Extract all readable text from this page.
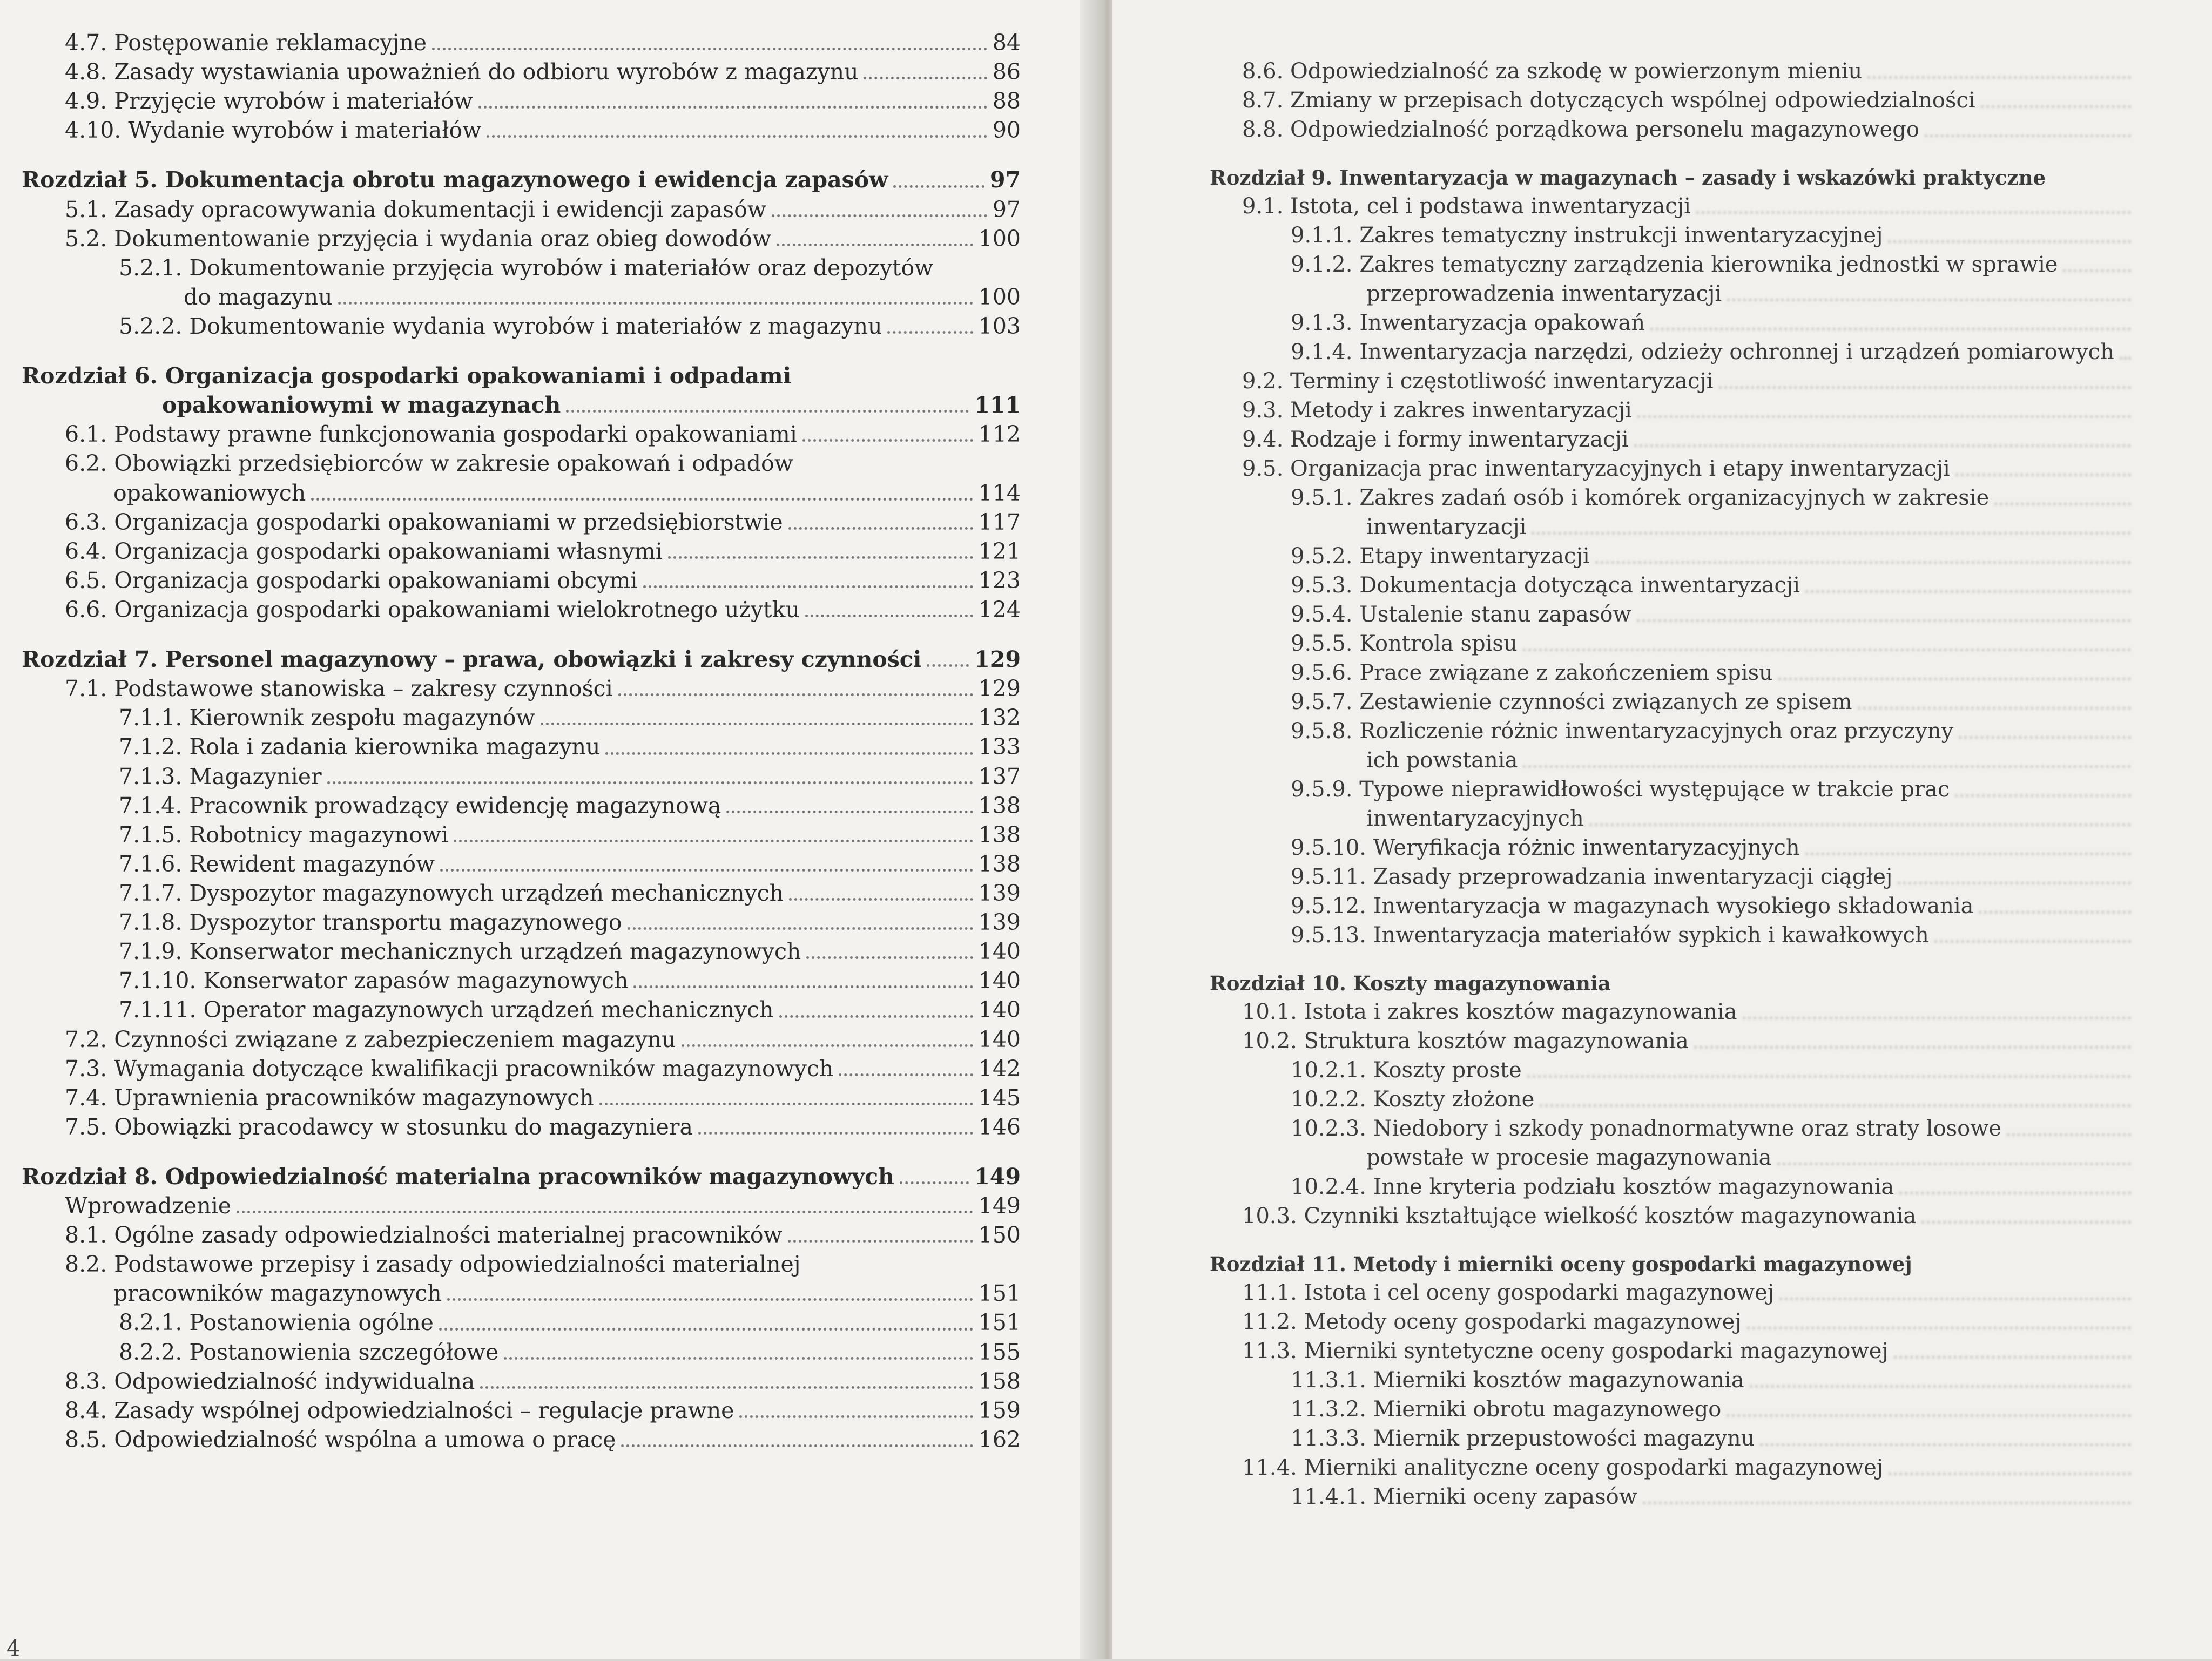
4.7. Postępowanie reklamacyjne	84
4.8. Zasady wystawiania upoważnień do odbioru wyrobów z magazynu	86
4.9. Przyjęcie wyrobów i materiałów	88
4.10. Wydanie wyrobów i materiałów	90
Rozdział 5. Dokumentacja obrotu magazynowego i ewidencja zapasów	97
5.1. Zasady opracowywania dokumentacji i ewidencji zapasów	97
5.2. Dokumentowanie przyjęcia i wydania oraz obieg dowodów	100
5.2.1. Dokumentowanie przyjęcia wyrobów i materiałów oraz depozytów
do magazynu	100
5.2.2. Dokumentowanie wydania wyrobów i materiałów z magazynu	103
Rozdział 6. Organizacja gospodarki opakowaniami i odpadami
opakowaniowymi w magazynach	111
6.1. Podstawy prawne funkcjonowania gospodarki opakowaniami	112
6.2. Obowiązki przedsiębiorców w zakresie opakowań i odpadów
opakowaniowych	114
6.3. Organizacja gospodarki opakowaniami w przedsiębiorstwie	117
6.4. Organizacja gospodarki opakowaniami własnymi	121
6.5. Organizacja gospodarki opakowaniami obcymi	123
6.6. Organizacja gospodarki opakowaniami wielokrotnego użytku	124
Rozdział 7. Personel magazynowy – prawa, obowiązki i zakresy czynności 129
7.1. Podstawowe stanowiska – zakresy czynności	129
7.1.1. Kierownik zespołu magazynów	132
7.1.2. Rola i zadania kierownika magazynu	133
7.1.3. Magazynier	137
7.1.4. Pracownik prowadzący ewidencję magazynową	138
7.1.5. Robotnicy magazynowi	138
7.1.6. Rewident magazynów	138
7.1.7. Dyspozytor magazynowych urządzeń mechanicznych	139
7.1.8. Dyspozytor transportu magazynowego	139
7.1.9. Konserwator mechanicznych urządzeń magazynowych	140
7.1.10. Konserwator zapasów magazynowych	140
7.1.11. Operator magazynowych urządzeń mechanicznych	140
7.2. Czynności związane z zabezpieczeniem magazynu	140
7.3. Wymagania dotyczące kwalifikacji pracowników magazynowych	142
7.4. Uprawnienia pracowników magazynowych	145
7.5. Obowiązki pracodawcy w stosunku do magazyniera	146
Rozdział 8. Odpowiedzialność materialna pracowników magazynowych	149
Wprowadzenie	149
8.1. Ogólne zasady odpowiedzialności materialnej pracowników	150
8.2. Podstawowe przepisy i zasady odpowiedzialności materialnej
pracowników magazynowych	151
8.2.1. Postanowienia ogólne	151
8.2.2. Postanowienia szczegółowe	155
8.3. Odpowiedzialność indywidualna	158
8.4. Zasady wspólnej odpowiedzialności – regulacje prawne	159
8.5. Odpowiedzialność wspólna a umowa o pracę	162
4
8.6. Odpowiedzialność za szkodę w powierzonym mieniu
8.7. Zmiany w przepisach dotyczących wspólnej odpowiedzialności
8.8. Odpowiedzialność porządkowa personelu magazynowego
Rozdział 9. Inwentaryzacja w magazynach – zasady i wskazówki praktyczne
9.1. Istota, cel i podstawa inwentaryzacji
9.1.1. Zakres tematyczny instrukcji inwentaryzacyjnej
9.1.2. Zakres tematyczny zarządzenia kierownika jednostki w sprawie
przeprowadzenia inwentaryzacji
9.1.3. Inwentaryzacja opakowań
9.1.4. Inwentaryzacja narzędzi, odzieży ochronnej i urządzeń pomiarowych
9.2. Terminy i częstotliwość inwentaryzacji
9.3. Metody i zakres inwentaryzacji
9.4. Rodzaje i formy inwentaryzacji
9.5. Organizacja prac inwentaryzacyjnych i etapy inwentaryzacji
9.5.1. Zakres zadań osób i komórek organizacyjnych w zakresie
inwentaryzacji
9.5.2. Etapy inwentaryzacji
9.5.3. Dokumentacja dotycząca inwentaryzacji
9.5.4. Ustalenie stanu zapasów
9.5.5. Kontrola spisu
9.5.6. Prace związane z zakończeniem spisu
9.5.7. Zestawienie czynności związanych ze spisem
9.5.8. Rozliczenie różnic inwentaryzacyjnych oraz przyczyny
ich powstania
9.5.9. Typowe nieprawidłowości występujące w trakcie prac
inwentaryzacyjnych
9.5.10. Weryfikacja różnic inwentaryzacyjnych
9.5.11. Zasady przeprowadzania inwentaryzacji ciągłej
9.5.12. Inwentaryzacja w magazynach wysokiego składowania
9.5.13. Inwentaryzacja materiałów sypkich i kawałkowych
Rozdział 10. Koszty magazynowania
10.1. Istota i zakres kosztów magazynowania
10.2. Struktura kosztów magazynowania
10.2.1. Koszty proste
10.2.2. Koszty złożone
10.2.3. Niedobory i szkody ponadnormatywne oraz straty losowe
powstałe w procesie magazynowania
10.2.4. Inne kryteria podziału kosztów magazynowania
10.3. Czynniki kształtujące wielkość kosztów magazynowania
Rozdział 11. Metody i mierniki oceny gospodarki magazynowej
11.1. Istota i cel oceny gospodarki magazynowej
11.2. Metody oceny gospodarki magazynowej
11.3. Mierniki syntetyczne oceny gospodarki magazynowej
11.3.1. Mierniki kosztów magazynowania
11.3.2. Mierniki obrotu magazynowego
11.3.3. Miernik przepustowości magazynu
11.4. Mierniki analityczne oceny gospodarki magazynowej
11.4.1. Mierniki oceny zapasów
